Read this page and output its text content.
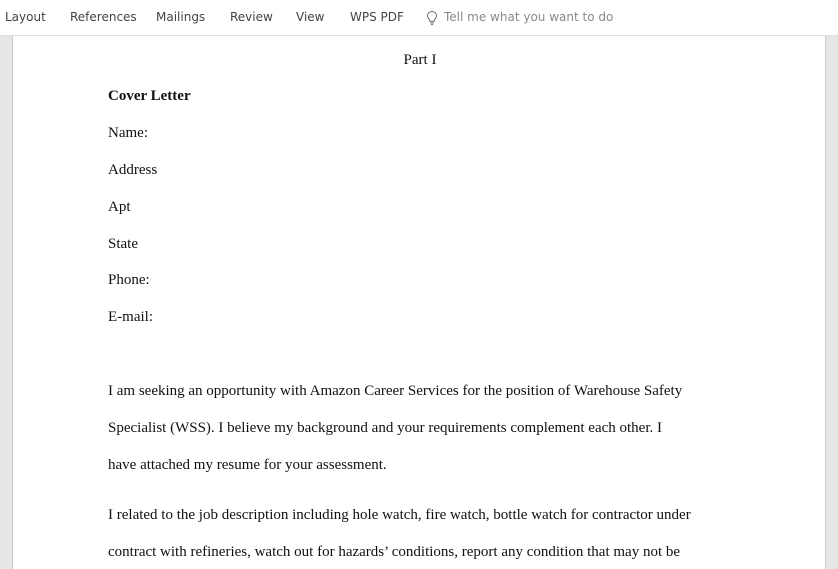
Layout References Mailings Review View WPS PDF	Tell me what you want to do
Part I
Cover Letter
Name:
Address
Apt
State
Phone:
E-mail:
I am seeking an opportunity with Amazon Career Services for the position of Warehouse Safety
Specialist (WSS). I believe my background and your requirements complement each other. I
have attached my resume for your assessment.
I related to the job description including hole watch, fire watch, bottle watch for contractor under
contract with refineries, watch out for hazards’ conditions, report any condition that may not be
